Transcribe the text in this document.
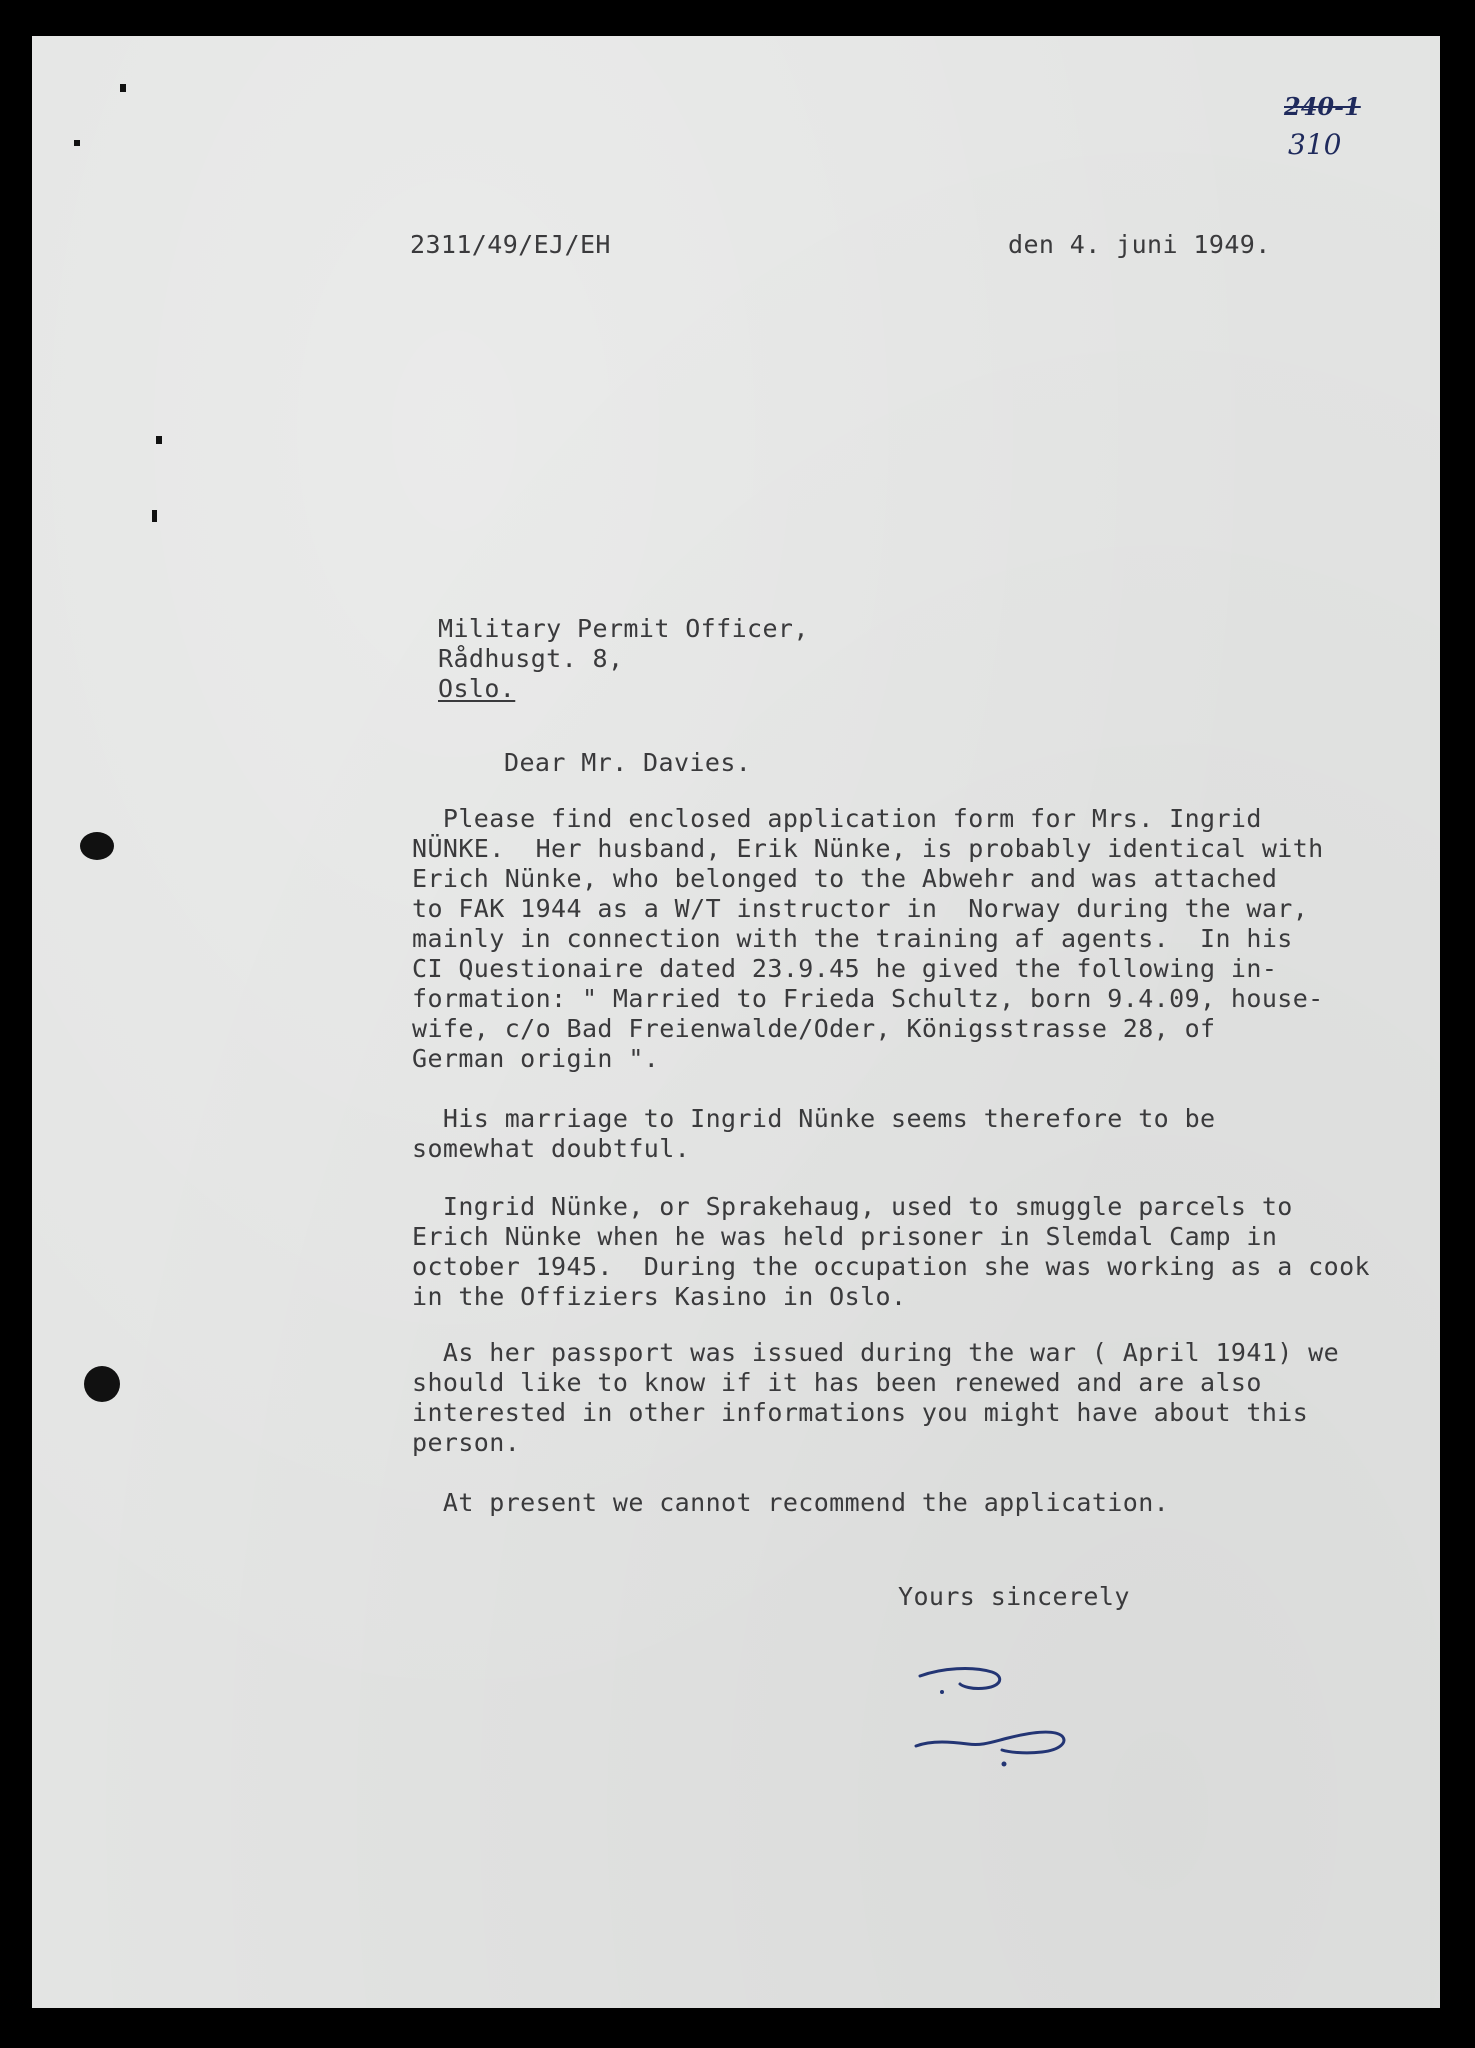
240-1
310
2311/49/EJ/EH	den 4. juni 1949.
Military Permit Officer,
Rådhusgt. 8,
Oslo.
Dear Mr. Davies.
Please find enclosed application form for Mrs. Ingrid
NÜNKE.  Her husband, Erik Nünke, is probably identical with
Erich Nünke, who belonged to the Abwehr and was attached
to FAK 1944 as a W/T instructor in  Norway during the war,
mainly in connection with the training af agents.  In his
CI Questionaire dated 23.9.45 he gived the following in-
formation: " Married to Frieda Schultz, born 9.4.09, house-
wife, c/o Bad Freienwalde/Oder, Königsstrasse 28, of
German origin ".
His marriage to Ingrid Nünke seems therefore to be
somewhat doubtful.
Ingrid Nünke, or Sprakehaug, used to smuggle parcels to
Erich Nünke when he was held prisoner in Slemdal Camp in
october 1945.  During the occupation she was working as a cook
in the Offiziers Kasino in Oslo.
As her passport was issued during the war ( April 1941) we
should like to know if it has been renewed and are also
interested in other informations you might have about this
person.
At present we cannot recommend the application.
Yours sincerely
